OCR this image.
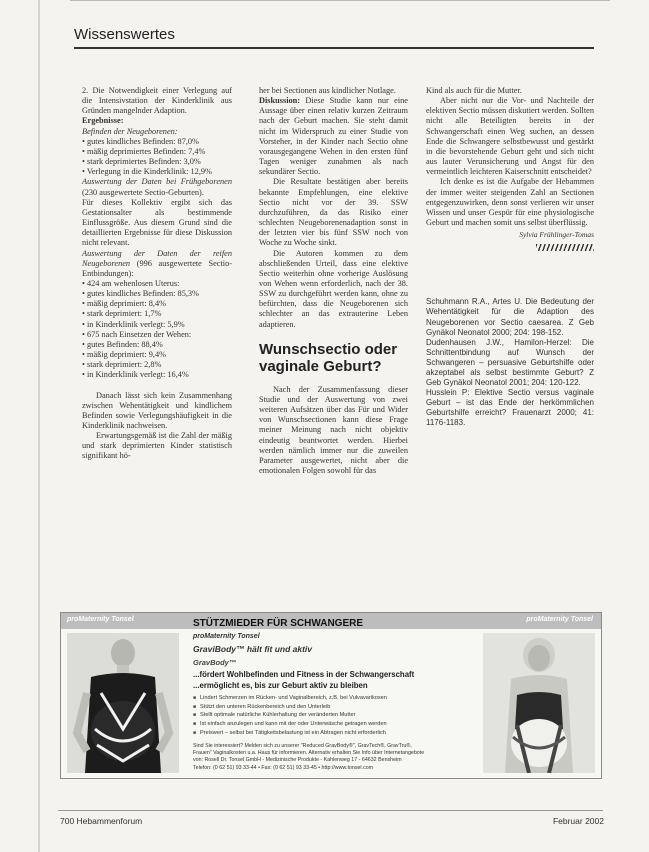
Wissenswertes

2. Die Notwendigkeit einer Verlegung auf die Intensivstation der Kinderklinik aus Gründen mangelnder Adaption.

Ergebnisse:

Befinden der Neugeborenen:

• gutes kindliches Befinden: 87,0%

• mäßig deprimiertes Befinden: 7,4%

• stark deprimiertes Befinden: 3,0%

• Verlegung in die Kinderklinik: 12,9%

Auswertung der Daten bei Frühgeborenen (230 ausgewertete Sectio-Geburten).

Für dieses Kollektiv ergibt sich das Gestationsalter als bestimmende Einflussgröße. Aus diesem Grund sind die detaillierten Ergebnisse für diese Diskussion nicht relevant.

Auswertung der Daten der reifen Neugeborenen (996 ausgewertete Sectio-Entbindungen):

• 424 am wehenlosen Uterus:

• gutes kindliches Befinden: 85,3%

• mäßig deprimiert: 8,4%

• stark deprimiert: 1,7%

• in Kinderklinik verlegt: 5,9%

• 675 nach Einsetzen der Wehen:

• gutes Befinden: 88,4%

• mäßig deprimiert: 9,4%

• stark deprimiert: 2,8%

• in Kinderklinik verlegt: 16,4%

Danach lässt sich kein Zusammenhang zwischen Wehentätigkeit und kindlichem Befinden sowie Verlegungshäufigkeit in die Kinderklinik nachweisen.

Erwartungsgemäß ist die Zahl der mäßig und stark deprimierten Kinder statistisch signifikant hö-

her bei Sectionen aus kindlicher Notlage.

Diskussion: Diese Studie kann nur eine Aussage über einen relativ kurzen Zeitraum nach der Geburt machen. Sie steht damit nicht im Widerspruch zu einer Studie von Vorsteher, in der Kinder nach Sectio ohne vorausgegangene Wehen in den ersten fünf Tagen weniger zunahmen als nach sekundärer Sectio.

Die Resultate bestätigen aber bereits bekannte Empfehlungen, eine elektive Sectio nicht vor der 39. SSW durchzuführen, da das Risiko einer schlechten Neugeborenenadaption sonst in der letzten vier bis fünf SSW noch von Woche zu Woche sinkt.

Die Autoren kommen zu dem abschließenden Urteil, dass eine elektive Sectio weiterhin ohne vorherige Auslösung von Wehen wenn erforderlich, nach der 38. SSW zu durchgeführt werden kann, ohne zu befürchten, dass die Neugeborenen sich schlechter an das extrauterine Leben adaptieren.

Wunschsectio oder vaginale Geburt?

Nach der Zusammenfassung dieser Studie und der Auswertung von zwei weiteren Aufsätzen über das Für und Wider von Wunschsectionen kann diese Frage meiner Meinung nach nicht objektiv eindeutig beantwortet werden. Hierbei werden nämlich immer nur die zuweilen Parameter ausgewertet, nicht aber die emotionalen Folgen sowohl für das

Kind als auch für die Mutter.

Aber nicht nur die Vor- und Nachteile der elektiven Sectio müssen diskutiert werden. Sollten nicht alle Beteiligten bereits in der Schwangerschaft einen Weg suchen, an dessen Ende die Schwangere selbstbewusst und gestärkt in die bevorstehende Geburt geht und sich nicht aus lauter Verunsicherung und Angst für den vermeintlich leichteren Kaiserschnitt entscheidet?

Ich denke es ist die Aufgabe der Hebammen der immer weiter steigenden Zahl an Sectionen entgegenzuwirken, denn sonst verlieren wir unser Wissen und unser Gespür für eine physiologische Geburt und machen somit uns selbst überflüssig.

Sylvia Frühlinger-Tomas

Schuhmann R.A., Artes U. Die Bedeutung der Wehentätigkeit für die Adaption des Neugeborenen vor Sectio caesarea. Z Geb Gynäkol Neonatol 2000; 204: 198-152.

Dudenhausen J.W., Hamilon-Herzel: Die Schnittentbindung auf Wunsch der Schwangeren – persuasive Geburtshilfe oder akzeptabel als selbst bestimmte Geburt? Z Geb Gynäkol Neonatol 2001; 204: 120-122.

Husslein P: Elektive Sectio versus vaginale Geburt – ist das Ende der herkömmlichen Geburtshilfe erreicht? Frauenarzt 2000; 41: 1176-1183.

proMaternity Tonsel	proMaternity Tonsel
STÜTZMIEDER FÜR SCHWANGERE
proMaternity Tonsel
GraviBody™ hält fit und aktiv
GravBody™
...fördert Wohlbefinden und Fitness in der Schwangerschaft
...ermöglicht es, bis zur Geburt aktiv zu bleiben
■ Lindert Schmerzen im Rücken- und Vaginalbereich, z.B. bei Vulvavarikosen
■ Stützt den unteren Rückenbereich und den Unterleib
■ Stellt optimale natürliche Kühlerhaltung der veränderten Mutter
■ Ist einfach anzulegen und kann mit der oder Unterwäsche getragen werden
■ Preiswert – selbst bei Tätigkeitsbelastung ist ein Abtragen nicht erforderlich
Sind Sie interessiert? Melden sich zu unserer "Reduced GravBody®", GravTech®, GravTru®,
Frauen" Vaginalkosten u.a. Haus für informieren. Alternativ erhalten Sie Info über Internetangebote
von: Rosell Dr. Tonsel GmbH - Medizinische Produkte - Kahlenweg 17 - 64632 Bensheim
Telefon: (0 62 51) 93 33-44 • Fax: (0 62 51) 93 33-45 • http://www.tonsel.com
700 Hebammenforum	Februar 2002
